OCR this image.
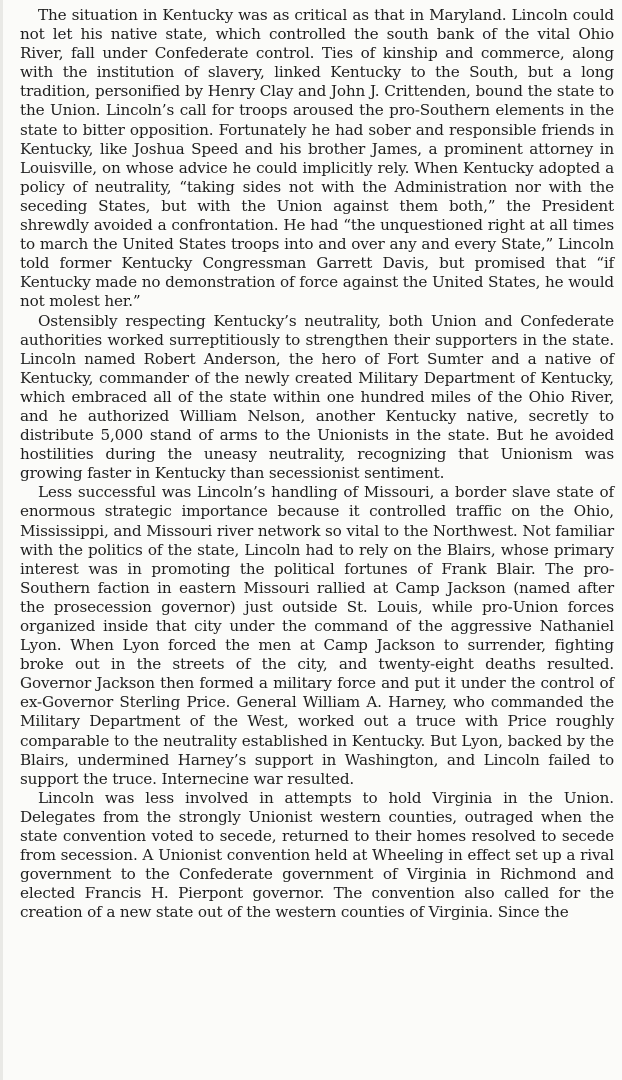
The situation in Kentucky was as critical as that in Maryland. Lincoln could not let his native state, which controlled the south bank of the vital Ohio River, fall under Confederate control. Ties of kinship and commerce, along with the institution of slavery, linked Kentucky to the South, but a long tradition, personified by Henry Clay and John J. Crittenden, bound the state to the Union. Lincoln’s call for troops aroused the pro-Southern elements in the state to bitter opposition. Fortunately he had sober and responsible friends in Kentucky, like Joshua Speed and his brother James, a prominent attorney in Louisville, on whose advice he could implicitly rely. When Kentucky adopted a policy of neutrality, “taking sides not with the Administration nor with the seceding States, but with the Union against them both,” the President shrewdly avoided a confrontation. He had “the unquestioned right at all times to march the United States troops into and over any and every State,” Lincoln told former Kentucky Congressman Garrett Davis, but promised that “if Kentucky made no demonstration of force against the United States, he would not molest her.”

Ostensibly respecting Kentucky’s neutrality, both Union and Confederate authorities worked surreptitiously to strengthen their supporters in the state. Lincoln named Robert Anderson, the hero of Fort Sumter and a native of Kentucky, commander of the newly created Military Department of Kentucky, which embraced all of the state within one hundred miles of the Ohio River, and he authorized William Nelson, another Kentucky native, secretly to distribute 5,000 stand of arms to the Unionists in the state. But he avoided hostilities during the uneasy neutrality, recognizing that Unionism was growing faster in Kentucky than secessionist sentiment.

Less successful was Lincoln’s handling of Missouri, a border slave state of enormous strategic importance because it controlled traffic on the Ohio, Mississippi, and Missouri river network so vital to the Northwest. Not familiar with the politics of the state, Lincoln had to rely on the Blairs, whose primary interest was in promoting the political fortunes of Frank Blair. The pro-Southern faction in eastern Missouri rallied at Camp Jackson (named after the prosecession governor) just outside St. Louis, while pro-Union forces organized inside that city under the command of the aggressive Nathaniel Lyon. When Lyon forced the men at Camp Jackson to surrender, fighting broke out in the streets of the city, and twenty-eight deaths resulted. Governor Jackson then formed a military force and put it under the control of ex-Governor Sterling Price. General William A. Harney, who commanded the Military Department of the West, worked out a truce with Price roughly comparable to the neutrality established in Kentucky. But Lyon, backed by the Blairs, undermined Harney’s support in Washington, and Lincoln failed to support the truce. Internecine war resulted.

Lincoln was less involved in attempts to hold Virginia in the Union. Delegates from the strongly Unionist western counties, outraged when the state convention voted to secede, returned to their homes resolved to secede from secession. A Unionist convention held at Wheeling in effect set up a rival government to the Confederate government of Virginia in Richmond and elected Francis H. Pierpont governor. The convention also called for the creation of a new state out of the western counties of Virginia. Since the
